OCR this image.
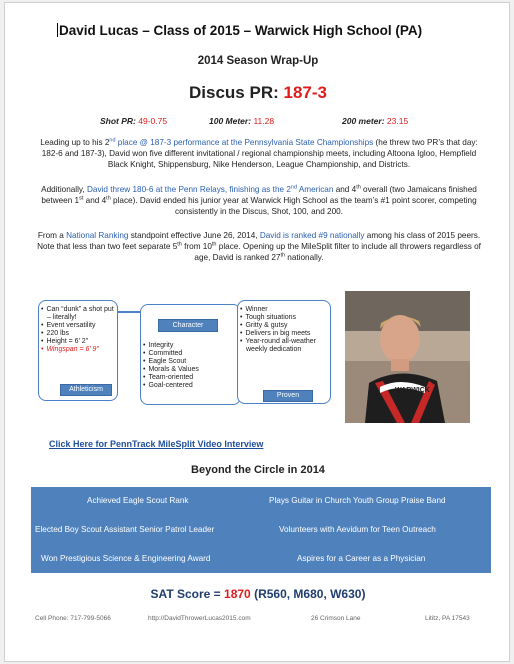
David Lucas – Class of 2015 – Warwick High School (PA)
2014 Season Wrap-Up
Discus PR: 187-3
Shot PR: 49-0.75	100 Meter: 11.28	200 meter: 23.15
Leading up to his 2nd place @ 187-3 performance at the Pennsylvania State Championships (he threw two PR’s that day: 182-6 and 187-3), David won five different invitational / regional championship meets, including Altoona Igloo, Hempfield Black Knight, Shippensburg, Nike Henderson, League Championship, and Districts.
Additionally, David threw 180-6 at the Penn Relays, finishing as the 2nd American and 4th overall (two Jamaicans finished between 1st and 4th place). David ended his junior year at Warwick High School as the team’s #1 point scorer, competing consistently in the Discus, Shot, 100, and 200.
From a National Ranking standpoint effective June 26, 2014, David is ranked #9 nationally among his class of 2015 peers. Note that less than two feet separate 5th from 10th place. Opening up the MileSplit filter to include all throwers regardless of age, David is ranked 27th nationally.
• Can “dunk” a shot put – literally!
• Event versatility
• 220 lbs
• Height = 6’ 2”
• Wingspan = 6’ 9”
Athleticism
• Integrity
• Committed
• Eagle Scout
• Morals & Values
• Team-oriented
• Goal-centered
Character
• Winner
• Tough situations
• Gritty & gutsy
• Delivers in big meets
• Year-round all-weather weekly dedication
Proven
WARWICK
Click Here for PennTrack MileSplit Video Interview
Beyond the Circle in 2014
Achieved Eagle Scout Rank	Plays Guitar in Church Youth Group Praise Band
Elected Boy Scout Assistant Senior Patrol Leader	Volunteers with Aevidum for Teen Outreach
Won Prestigious Science & Engineering Award	Aspires for a Career as a Physician
SAT Score = 1870 (R560, M680, W630)
Cell Phone: 717-799-5066	http://DavidThrowerLucas2015.com	26 Crimson Lane	Lititz, PA 17543
